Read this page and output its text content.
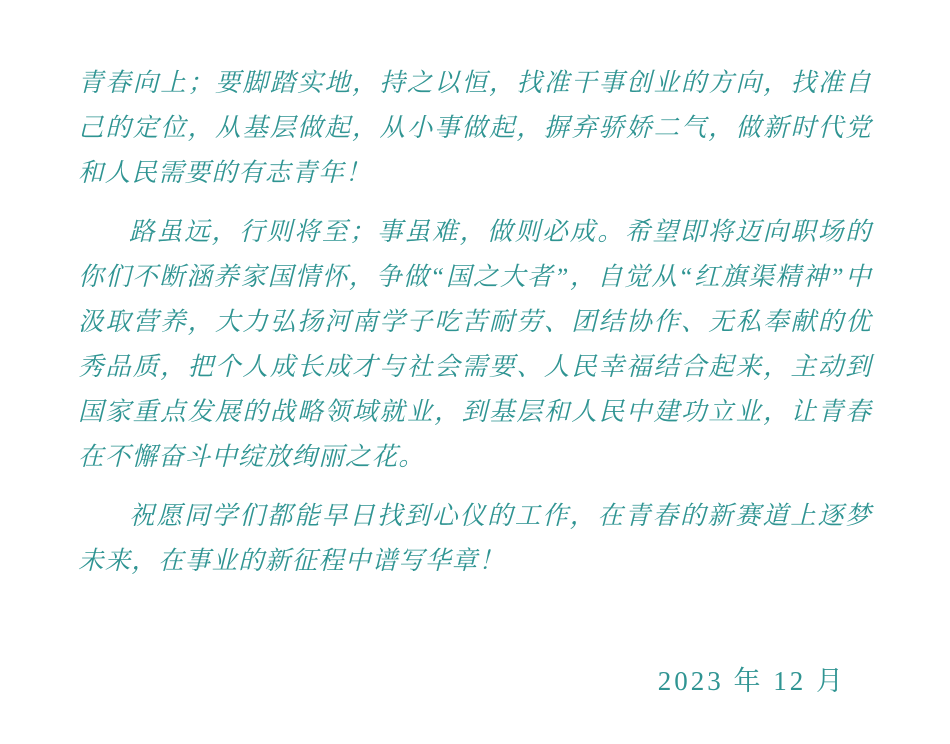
青春向上；要脚踏实地，持之以恒，找准干事创业的方向，找准自己的定位，从基层做起，从小事做起，摒弃骄娇二气，做新时代党和人民需要的有志青年！

路虽远，行则将至；事虽难，做则必成。希望即将迈向职场的你们不断涵养家国情怀，争做“国之大者”，自觉从“红旗渠精神”中汲取营养，大力弘扬河南学子吃苦耐劳、团结协作、无私奉献的优秀品质，把个人成长成才与社会需要、人民幸福结合起来，主动到国家重点发展的战略领域就业，到基层和人民中建功立业，让青春在不懈奋斗中绽放绚丽之花。

祝愿同学们都能早日找到心仪的工作，在青春的新赛道上逐梦未来，在事业的新征程中谱写华章！

2023 年 12 月
